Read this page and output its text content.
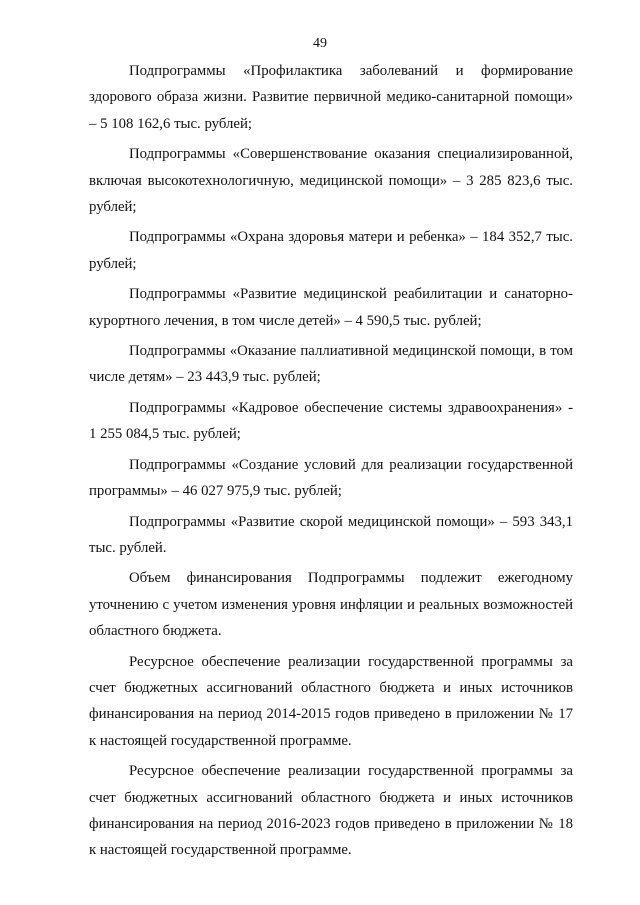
49

Подпрограммы «Профилактика заболеваний и формирование здорового образа жизни. Развитие первичной медико-санитарной помощи» – 5 108 162,6 тыс. рублей;

Подпрограммы «Совершенствование оказания специализированной, включая высокотехнологичную, медицинской помощи» – 3 285 823,6 тыс. рублей;

Подпрограммы «Охрана здоровья матери и ребенка» – 184 352,7 тыс. рублей;

Подпрограммы «Развитие медицинской реабилитации и санаторно-курортного лечения, в том числе детей» – 4 590,5 тыс. рублей;

Подпрограммы «Оказание паллиативной медицинской помощи, в том числе детям» – 23 443,9 тыс. рублей;

Подпрограммы «Кадровое обеспечение системы здравоохранения» - 1 255 084,5 тыс. рублей;

Подпрограммы «Создание условий для реализации государственной программы» – 46 027 975,9 тыс. рублей;

Подпрограммы «Развитие скорой медицинской помощи» – 593 343,1 тыс. рублей.

Объем финансирования Подпрограммы подлежит ежегодному уточнению с учетом изменения уровня инфляции и реальных возможностей областного бюджета.

Ресурсное обеспечение реализации государственной программы за счет бюджетных ассигнований областного бюджета и иных источников финансирования на период 2014-2015 годов приведено в приложении № 17 к настоящей государственной программе.

Ресурсное обеспечение реализации государственной программы за счет бюджетных ассигнований областного бюджета и иных источников финансирования на период 2016-2023 годов приведено в приложении № 18 к настоящей государственной программе.
